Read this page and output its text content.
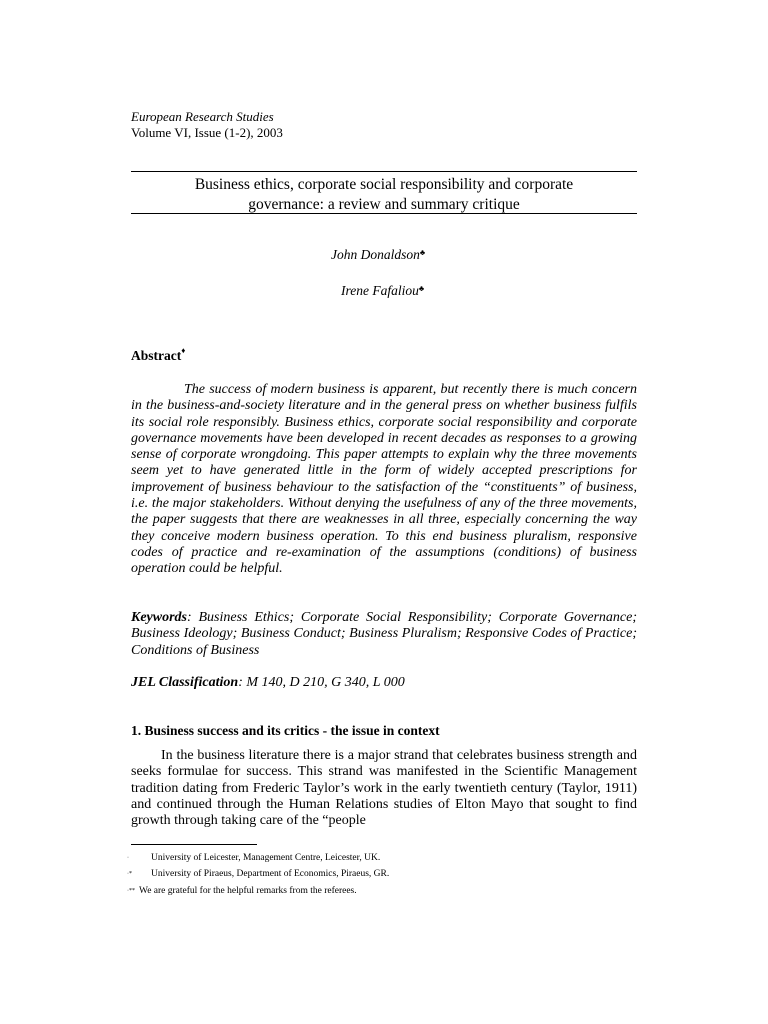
European Research Studies
Volume VI, Issue (1-2), 2003
Business ethics, corporate social responsibility and corporate
governance: a review and summary critique
John Donaldson♣
Irene Fafaliou♣
Abstract♦

The success of modern business is apparent, but recently there is much concern in the business-and-society literature and in the general press on whether business fulfils its social role responsibly. Business ethics, corporate social responsibility and corporate governance movements have been developed in recent decades as responses to a growing sense of corporate wrongdoing. This paper attempts to explain why the three movements seem yet to have generated little in the form of widely accepted prescriptions for improvement of business behaviour to the satisfaction of the “constituents” of business, i.e. the major stakeholders. Without denying the usefulness of any of the three movements, the paper suggests that there are weaknesses in all three, especially concerning the way they conceive modern business operation. To this end business pluralism, responsive codes of practice and re-examination of the assumptions (conditions) of business operation could be helpful.

Keywords: Business Ethics; Corporate Social Responsibility; Corporate Governance; Business Ideology; Business Conduct; Business Pluralism; Responsive Codes of Practice; Conditions of Business

JEL Classification: M 140, D 210, G 340, L 000
1. Business success and its critics - the issue in context

In the business literature there is a major strand that celebrates business strength and seeks formulae for success. This strand was manifested in the Scientific Management tradition dating from Frederic Taylor’s work in the early twentieth century (Taylor, 1911) and continued through the Human Relations studies of Elton Mayo that sought to find growth through taking care of the “people

· University of Leicester, Management Centre, Leicester, UK.
·* University of Piraeus, Department of Economics, Piraeus, GR.
·** We are grateful for the helpful remarks from the referees.
